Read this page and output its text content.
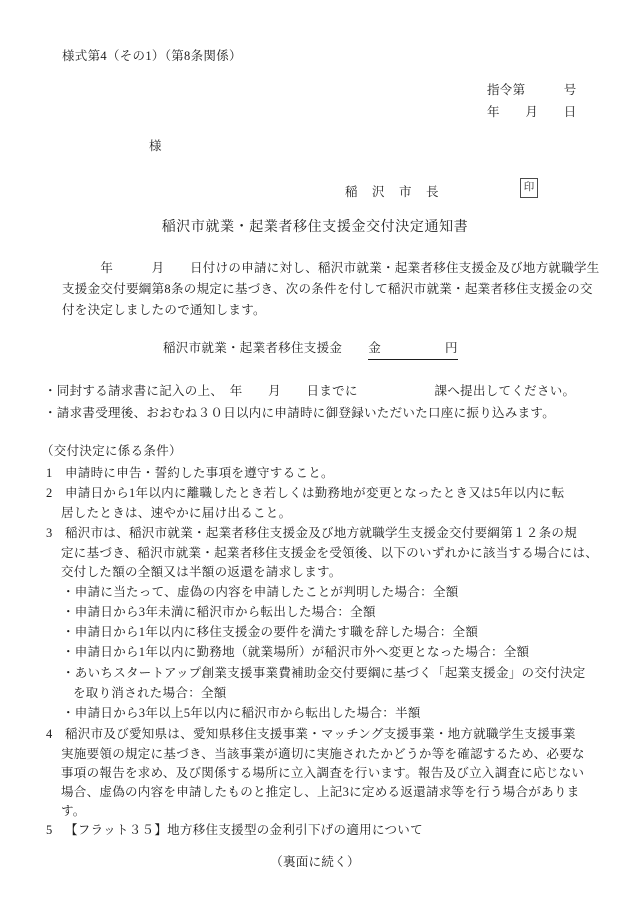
様式第4（その1）（第8条関係）
指令第　　　号
年　　月　　日
様
稲　沢　市　長	印
稲沢市就業・起業者移住支援金交付決定通知書
　　　年　　　月　　日付けの申請に対し、稲沢市就業・起業者移住支援金及び地方就職学生
支援金交付要綱第8条の規定に基づき、次の条件を付して稲沢市就業・起業者移住支援金の交
付を決定しましたので通知します。
稲沢市就業・起業者移住支援金 金　　　　　円
・同封する請求書に記入の上、　年　　月　　日までに　　　　　　課へ提出してください。
・請求書受理後、おおむね３０日以内に申請時に御登録いただいた口座に振り込みます。
（交付決定に係る条件）
1 申請時に申告・誓約した事項を遵守すること。
2 申請日から1年以内に離職したとき若しくは勤務地が変更となったとき又は5年以内に転
居したときは、速やかに届け出ること。
3 稲沢市は、稲沢市就業・起業者移住支援金及び地方就職学生支援金交付要綱第１２条の規
定に基づき、稲沢市就業・起業者移住支援金を受領後、以下のいずれかに該当する場合には、
交付した額の全額又は半額の返還を請求します。
・申請に当たって、虚偽の内容を申請したことが判明した場合：全額
・申請日から3年未満に稲沢市から転出した場合：全額
・申請日から1年以内に移住支援金の要件を満たす職を辞した場合：全額
・申請日から1年以内に勤務地（就業場所）が稲沢市外へ変更となった場合：全額
・あいちスタートアップ創業支援事業費補助金交付要綱に基づく「起業支援金」の交付決定
を取り消された場合：全額
・申請日から3年以上5年以内に稲沢市から転出した場合：半額
4 稲沢市及び愛知県は、愛知県移住支援事業・マッチング支援事業・地方就職学生支援事業
実施要領の規定に基づき、当該事業が適切に実施されたかどうか等を確認するため、必要な
事項の報告を求め、及び関係する場所に立入調査を行います。報告及び立入調査に応じない
場合、虚偽の内容を申請したものと推定し、上記3に定める返還請求等を行う場合がありま
す。
5 【フラット３５】地方移住支援型の金利引下げの適用について
（裏面に続く）
